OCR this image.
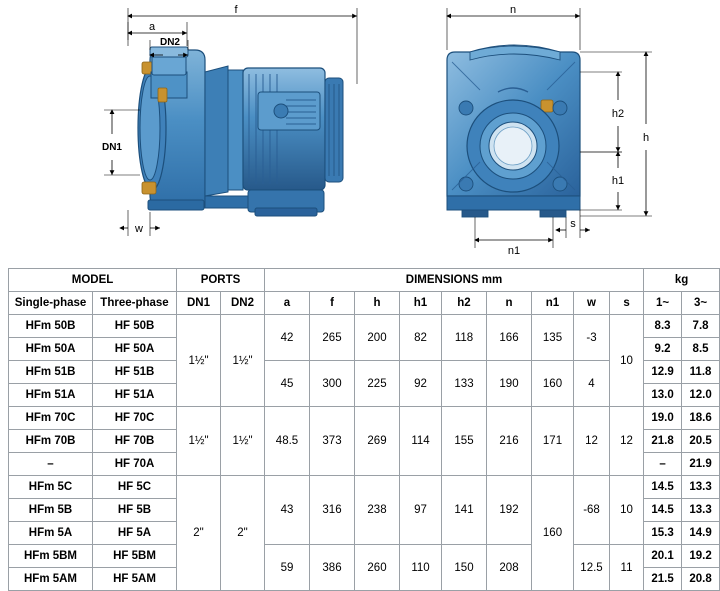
f
a
DN2
DN1
w
n
h2
h
h1
s
n1
MODEL		PORTS		DIMENSIONS mm									kg	
Single-phase	Three-phase	DN1	DN2	a	f	h	h1	h2	n	n1	w	s	1~	3~
HFm 50B	HF 50B	1½"	1½"	42	265	200	82	118	166	135	-3	10	8.3	7.8
HFm 50A	HF 50A												9.2	8.5
HFm 51B	HF 51B			45	300	225	92	133	190	160	4		12.9	11.8
HFm 51A	HF 51A												13.0	12.0
HFm 70C	HF 70C	1½"	1½"	48.5	373	269	114	155	216	171	12	12	19.0	18.6
HFm 70B	HF 70B												21.8	20.5
–	HF 70A												–	21.9
HFm 5C	HF 5C	2"	2"	43	316	238	97	141	192	160	-68	10	14.5	13.3
HFm 5B	HF 5B												14.5	13.3
HFm 5A	HF 5A												15.3	14.9
HFm 5BM	HF 5BM			59	386	260	110	150	208		12.5	11	20.1	19.2
HFm 5AM	HF 5AM												21.5	20.8
